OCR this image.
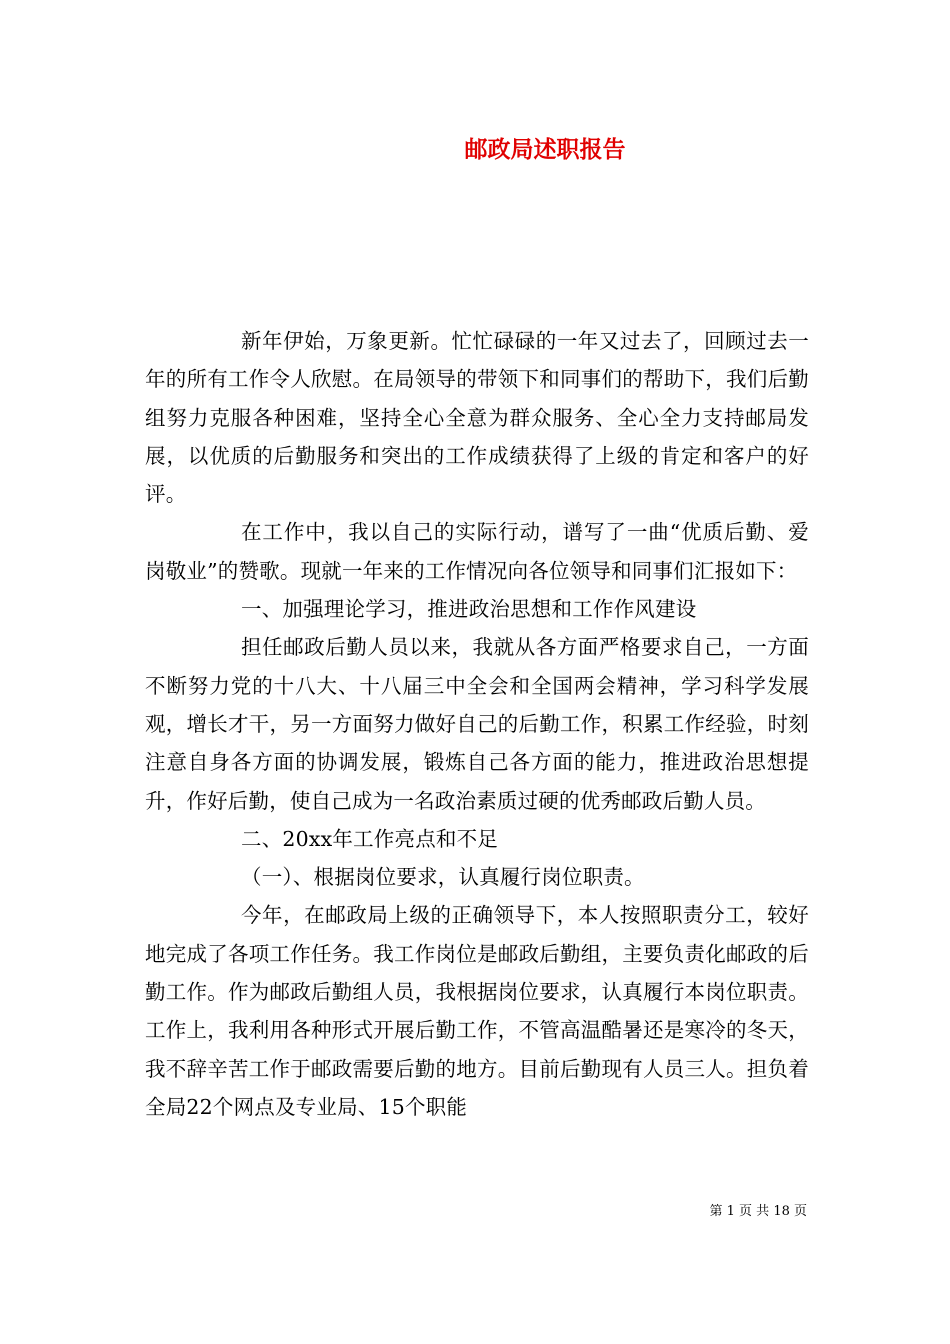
邮政局述职报告

新年伊始，万象更新。忙忙碌碌的一年又过去了，回顾过去一年的所有工作令人欣慰。在局领导的带领下和同事们的帮助下，我们后勤组努力克服各种困难，坚持全心全意为群众服务、全心全力支持邮局发展，以优质的后勤服务和突出的工作成绩获得了上级的肯定和客户的好评。

在工作中，我以自己的实际行动，谱写了一曲“优质后勤、爱岗敬业”的赞歌。现就一年来的工作情况向各位领导和同事们汇报如下：

一、加强理论学习，推进政治思想和工作作风建设

担任邮政后勤人员以来，我就从各方面严格要求自己，一方面不断努力党的十八大、十八届三中全会和全国两会精神，学习科学发展观，增长才干，另一方面努力做好自己的后勤工作，积累工作经验，时刻注意自身各方面的协调发展，锻炼自己各方面的能力，推进政治思想提升，作好后勤，使自己成为一名政治素质过硬的优秀邮政后勤人员。

二、20xx年工作亮点和不足

（一）、根据岗位要求，认真履行岗位职责。

今年，在邮政局上级的正确领导下，本人按照职责分工，较好地完成了各项工作任务。我工作岗位是邮政后勤组，主要负责化邮政的后勤工作。作为邮政后勤组人员，我根据岗位要求，认真履行本岗位职责。工作上，我利用各种形式开展后勤工作，不管高温酷暑还是寒冷的冬天，我不辞辛苦工作于邮政需要后勤的地方。目前后勤现有人员三人。担负着全局22个网点及专业局、15个职能

第 1 页 共 18 页
